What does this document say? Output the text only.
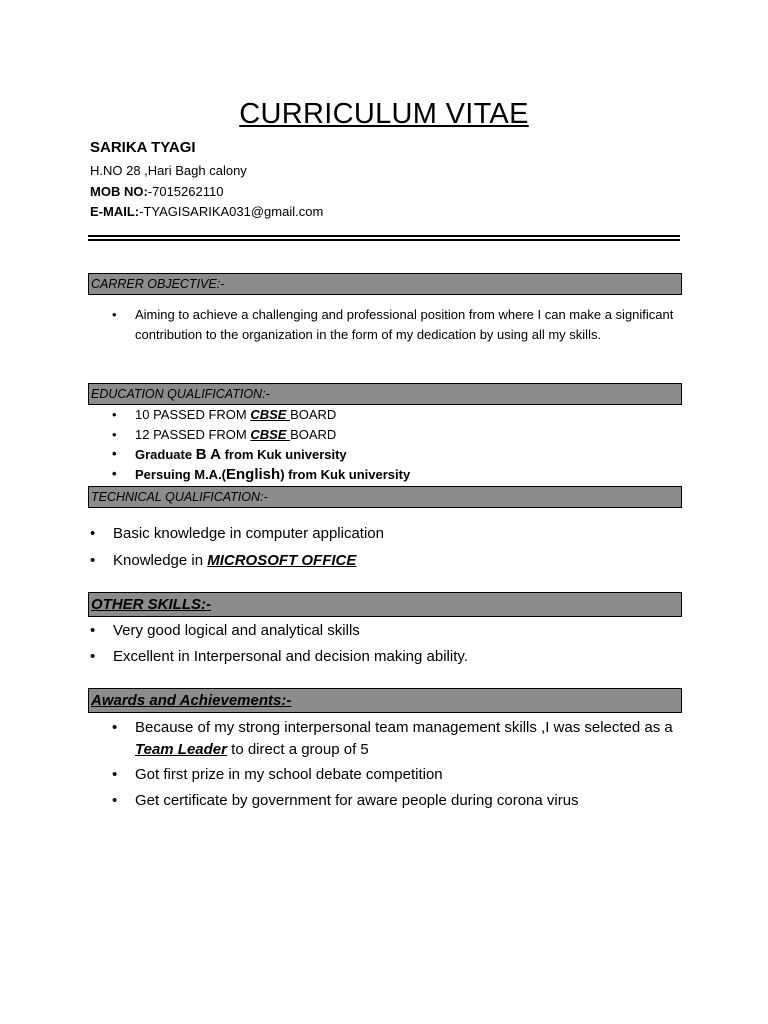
CURRICULUM VITAE
SARIKA TYAGI
H.NO 28 ,Hari Bagh calony
MOB NO:-7015262110
E-MAIL:-TYAGISARIKA031@gmail.com
CARRER OBJECTIVE:-
• Aiming to achieve a challenging and professional position from where I can make a significant contribution to the organization in the form of my dedication by using all my skills.
EDUCATION QUALIFICATION:-
• 10 PASSED FROM CBSE BOARD
• 12 PASSED FROM CBSE BOARD
• Graduate B A from Kuk university
• Persuing M.A.(English) from Kuk university
TECHNICAL QUALIFICATION:-
• Basic knowledge in computer application
• Knowledge in MICROSOFT OFFICE
OTHER SKILLS:-
• Very good logical and analytical skills
• Excellent in Interpersonal and decision making ability.
Awards and Achievements:-
• Because of my strong interpersonal team management skills ,I was selected as a Team Leader to direct a group of 5
• Got first prize in my school debate competition
• Get certificate by government for aware people during corona virus
